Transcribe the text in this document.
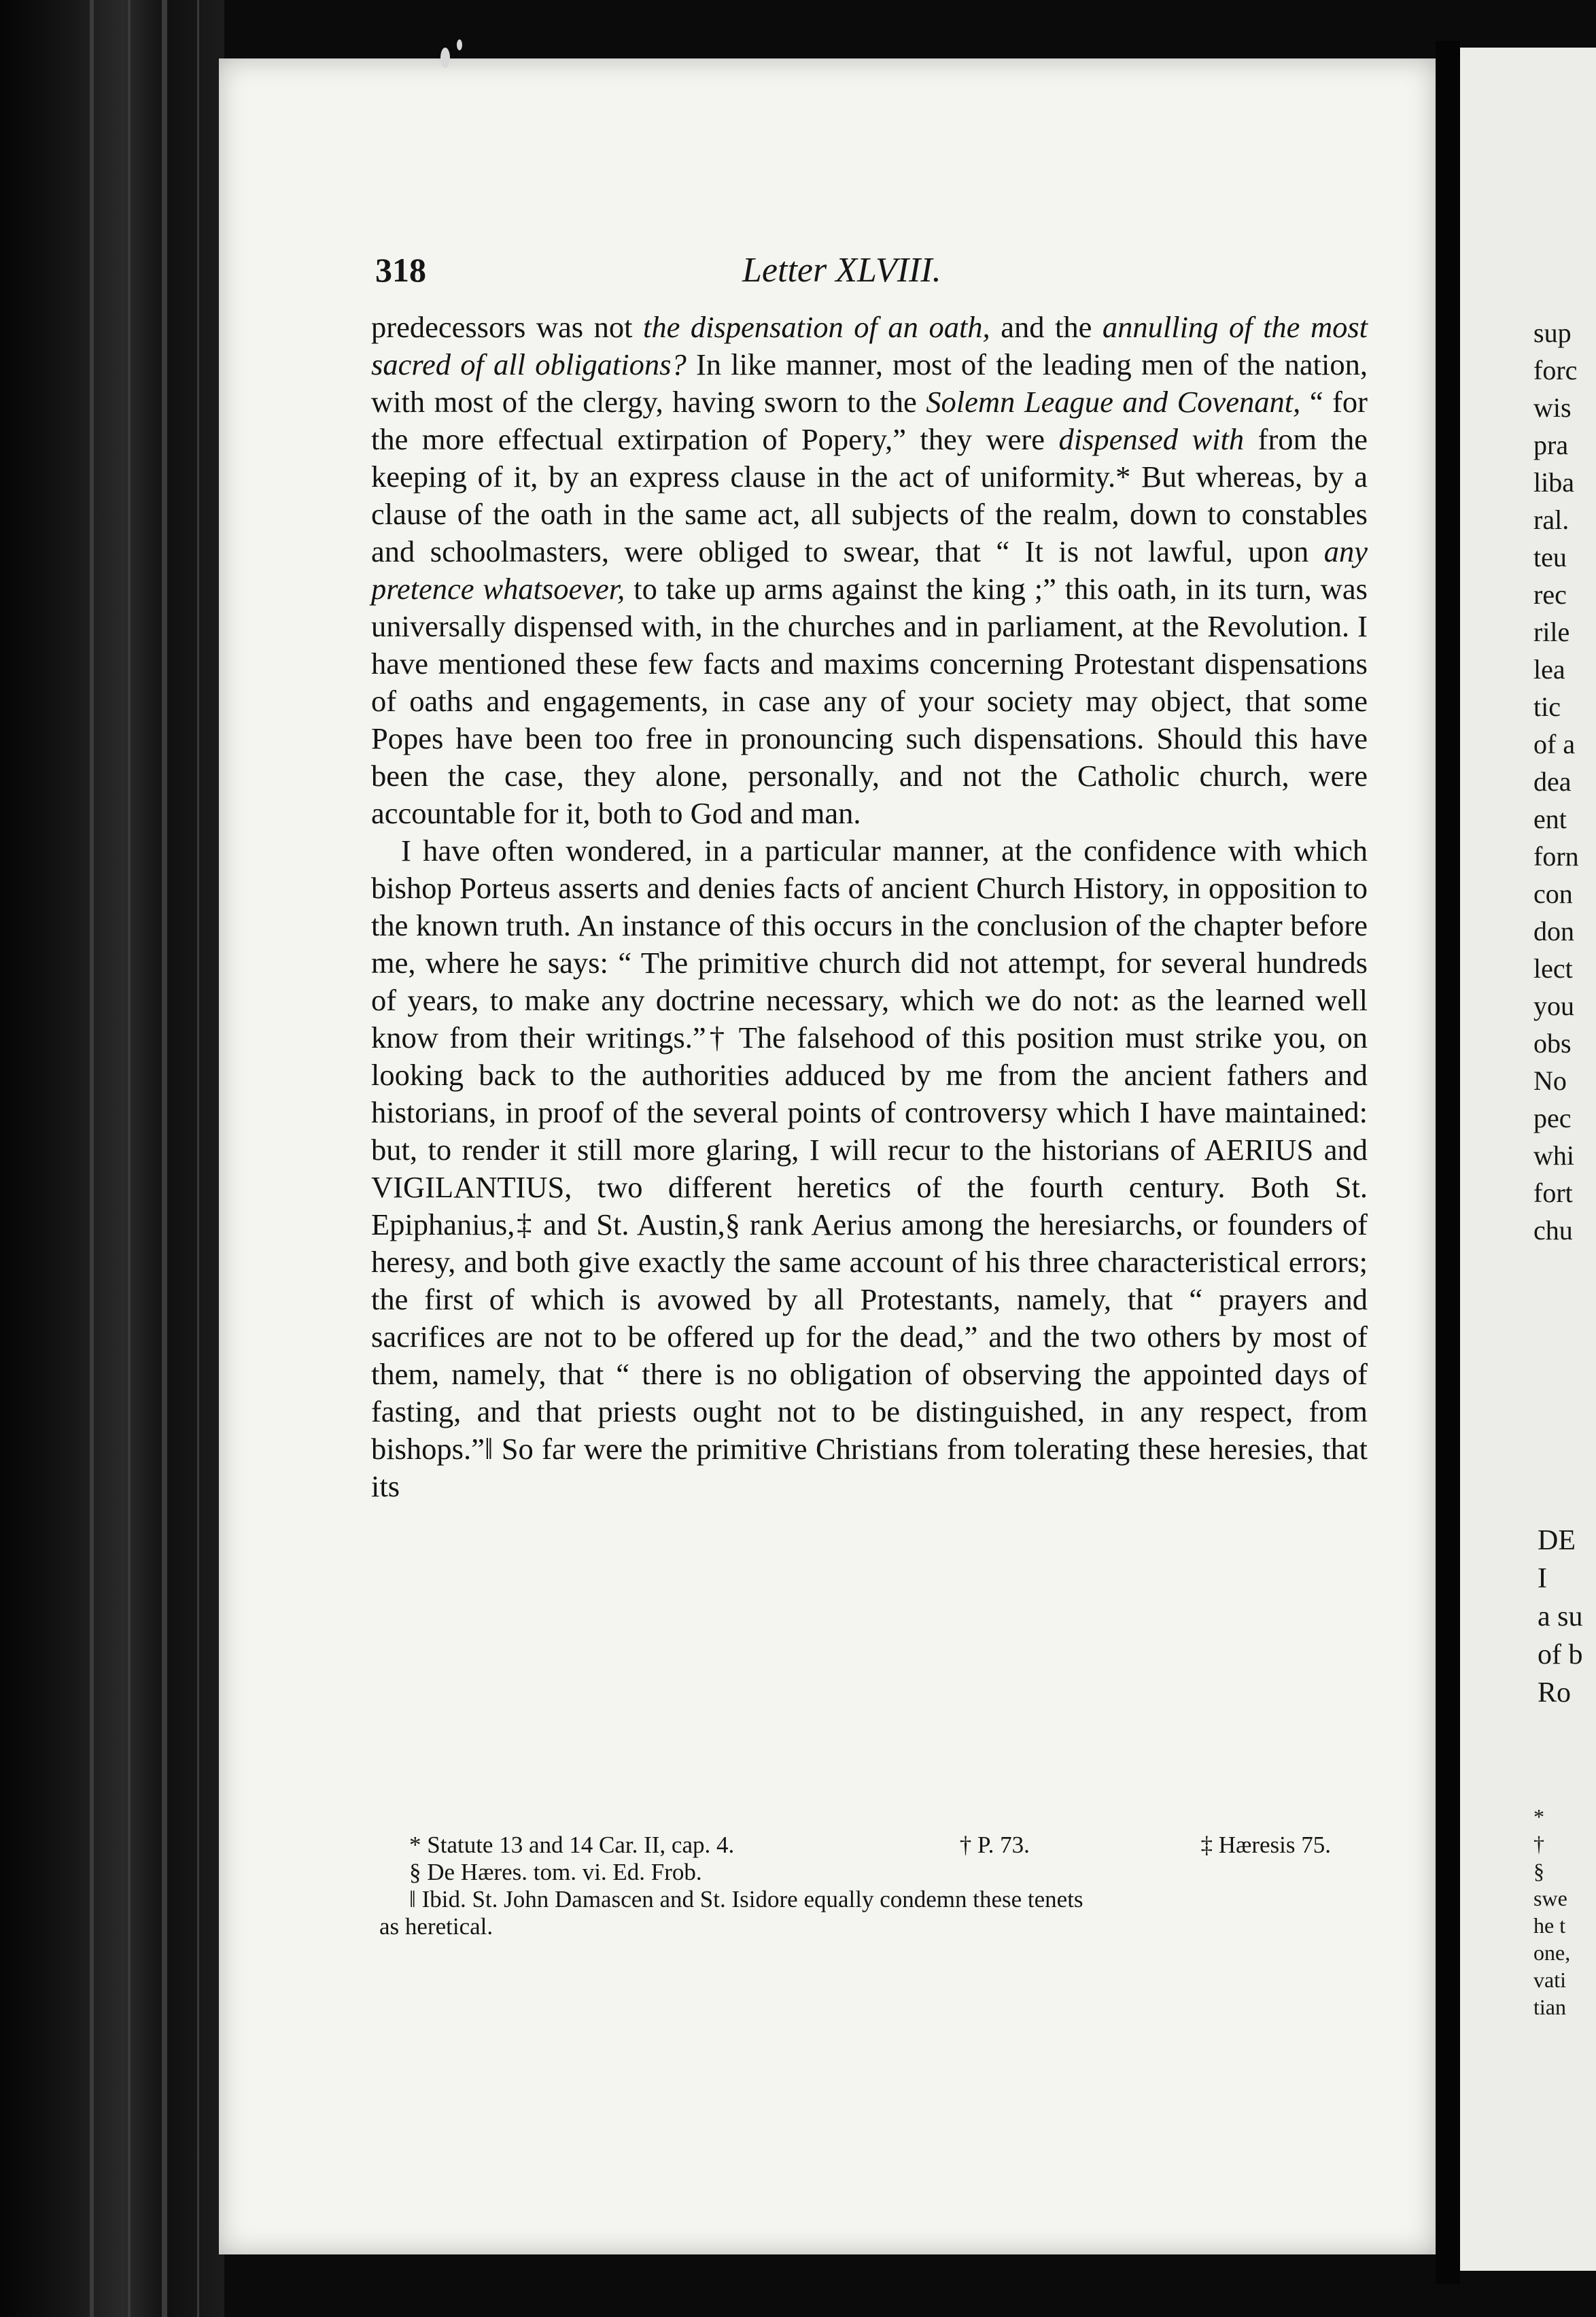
318	Letter XLVIII.

predecessors was not the dispensation of an oath, and the annulling of the most sacred of all obligations? In like manner, most of the leading men of the nation, with most of the clergy, having sworn to the Solemn League and Covenant, “ for the more effectual extirpation of Popery,” they were dispensed with from the keeping of it, by an express clause in the act of uniformity.* But whereas, by a clause of the oath in the same act, all subjects of the realm, down to constables and schoolmasters, were obliged to swear, that “ It is not lawful, upon any pretence whatsoever, to take up arms against the king ;” this oath, in its turn, was universally dispensed with, in the churches and in parliament, at the Revolution. I have mentioned these few facts and maxims concerning Protestant dispensations of oaths and engagements, in case any of your society may object, that some Popes have been too free in pronouncing such dispensations. Should this have been the case, they alone, personally, and not the Catholic church, were accountable for it, both to God and man.

I have often wondered, in a particular manner, at the confidence with which bishop Porteus asserts and denies facts of ancient Church History, in opposition to the known truth. An instance of this occurs in the conclusion of the chapter before me, where he says: “ The primitive church did not attempt, for several hundreds of years, to make any doctrine necessary, which we do not: as the learned well know from their writings.”† The falsehood of this position must strike you, on looking back to the authorities adduced by me from the ancient fathers and historians, in proof of the several points of controversy which I have maintained: but, to render it still more glaring, I will recur to the historians of AERIUS and VIGILANTIUS, two different heretics of the fourth century. Both St. Epiphanius,‡ and St. Austin,§ rank Aerius among the heresiarchs, or founders of heresy, and both give exactly the same account of his three characteristical errors; the first of which is avowed by all Protestants, namely, that “ prayers and sacrifices are not to be offered up for the dead,” and the two others by most of them, namely, that “ there is no obligation of observing the appointed days of fasting, and that priests ought not to be distinguished, in any respect, from bishops.”‖ So far were the primitive Christians from tolerating these heresies, that its

* Statute 13 and 14 Car. II, cap. 4.	† P. 73.	‡ Hæresis 75.
§ De Hæres. tom. vi. Ed. Frob.
‖ Ibid. St. John Damascen and St. Isidore equally condemn these tenets
as heretical.
sup
forc
wis
pra
liba
ral.
teu
rec
rile
lea
tic
of a
dea
ent
forn
con
don
lect
you
obs
No
pec
whi
fort
chu
DE
I
a su
of b
Ro
*
†
§
swe
he t
one,
vati
tian
